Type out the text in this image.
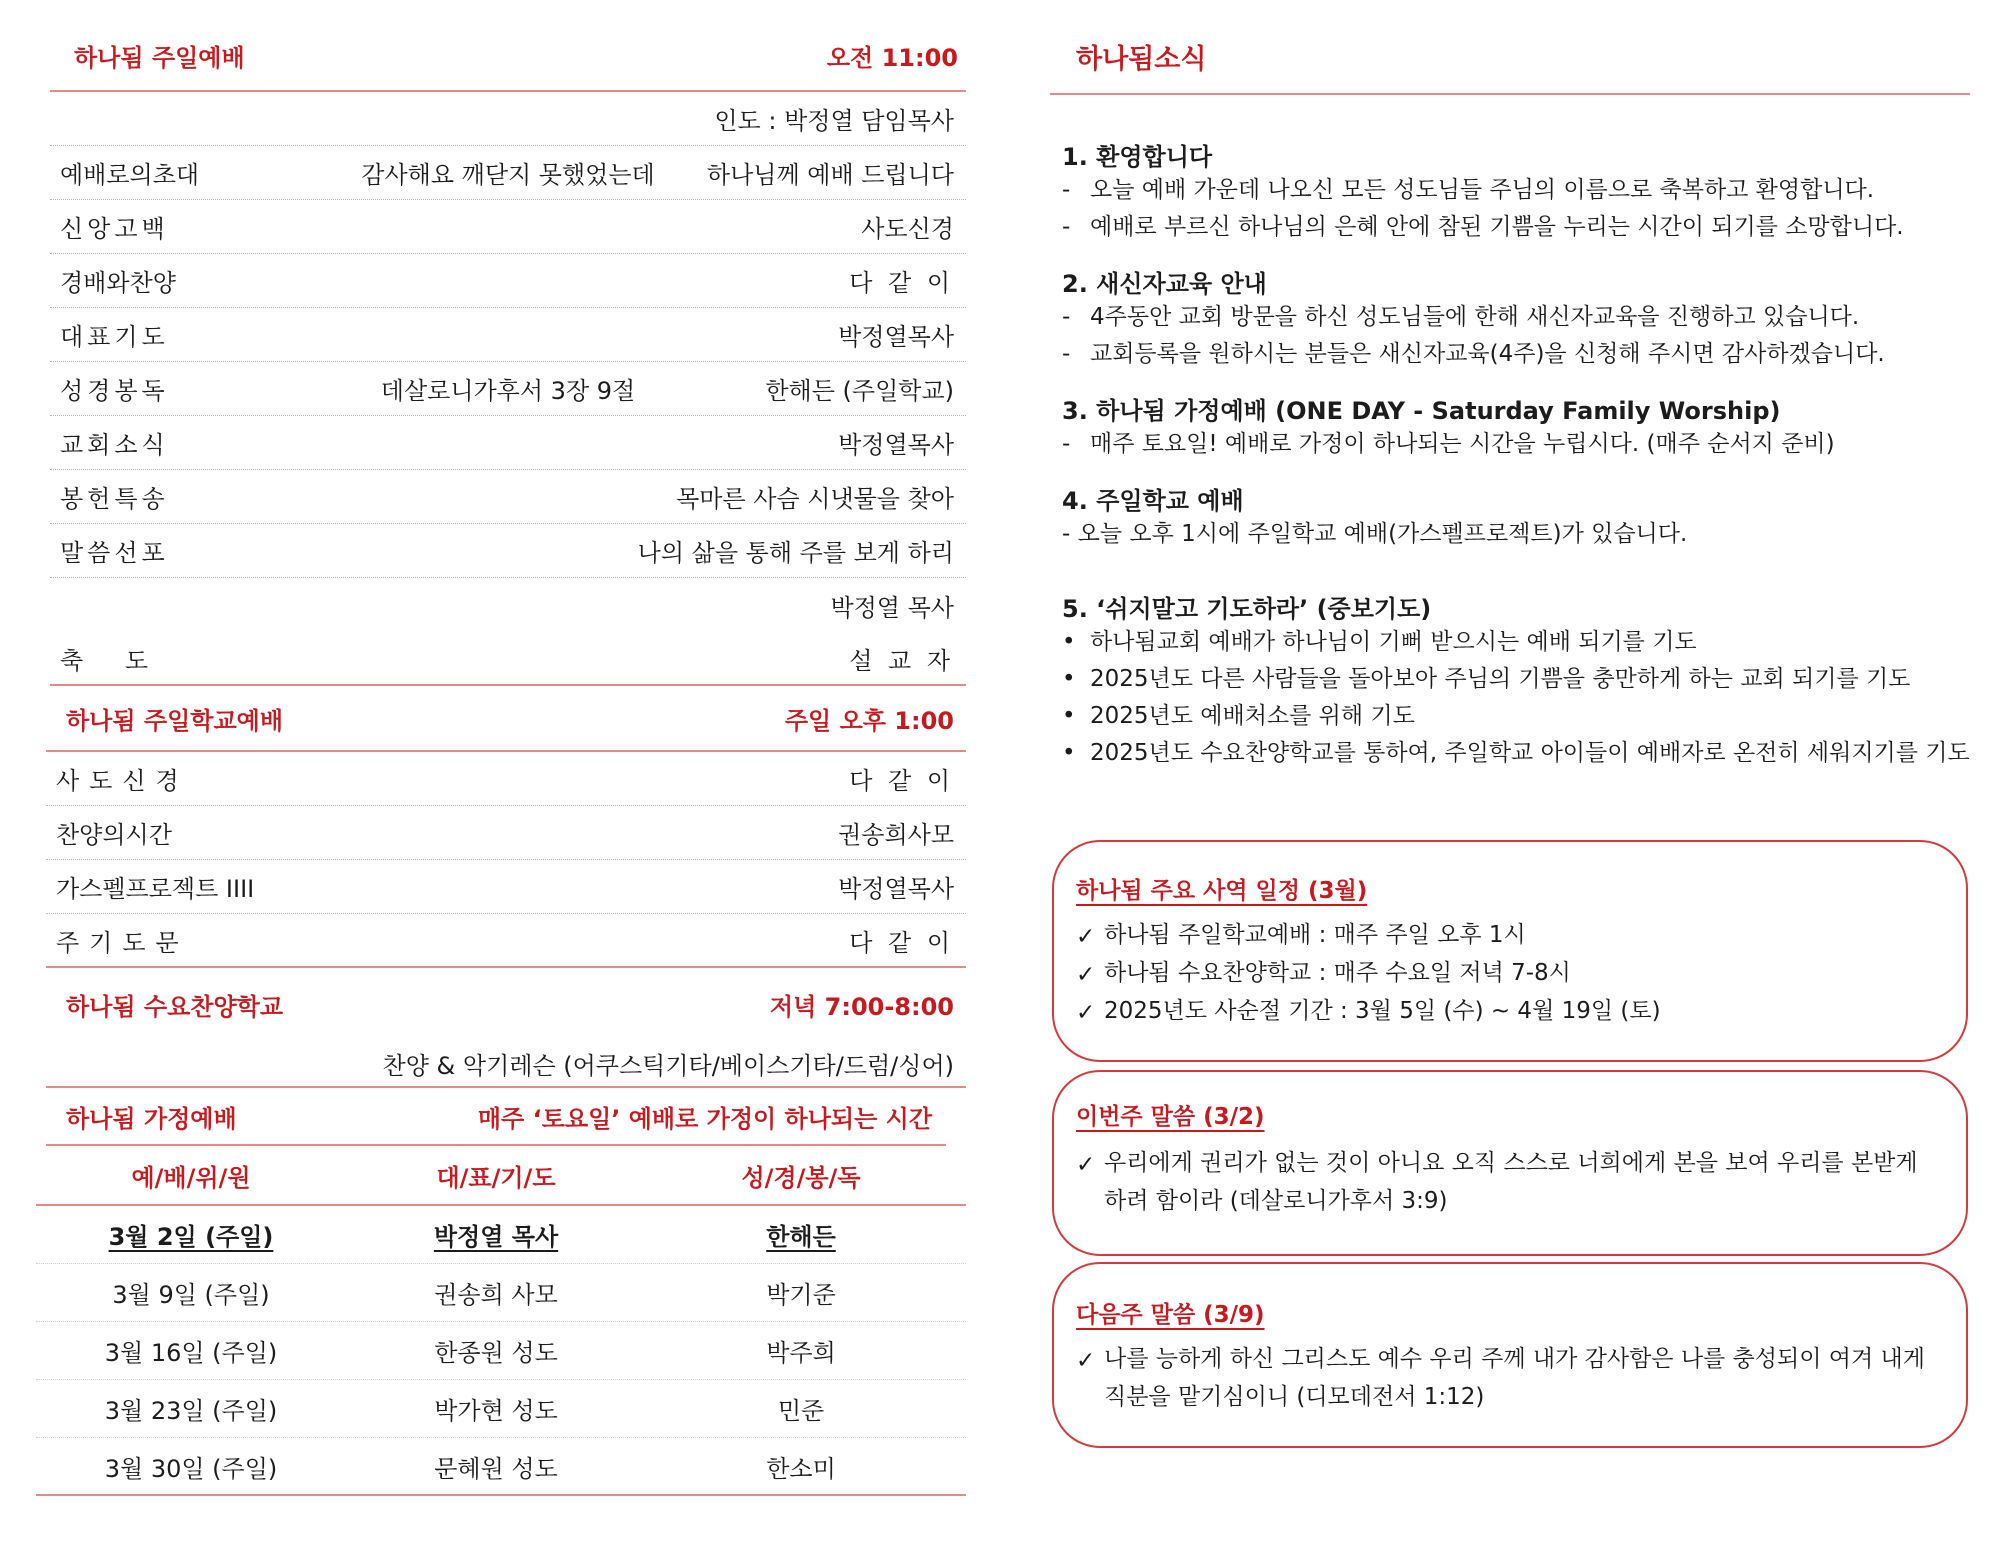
하나됨 주일예배	오전 11:00
인도 : 박정열 담임목사
예배로의초대	감사해요 깨닫지 못했었는데	하나님께 예배 드립니다
신앙고백	사도신경
경배와찬양	다 같 이
대표기도	박정열목사
성경봉독	데살로니가후서 3장 9절	한해든 (주일학교)
교회소식	박정열목사
봉헌특송	목마른 사슴 시냇물을 찾아
말씀선포	나의 삶을 통해 주를 보게 하리
박정열 목사
축 도	설 교 자
하나됨 주일학교예배	주일 오후 1:00
사도신경	다 같 이
찬양의시간	권송희사모
가스펠프로젝트 IIII	박정열목사
주기도문	다 같 이
하나됨 수요찬양학교	저녁 7:00-8:00
찬양 & 악기레슨 (어쿠스틱기타/베이스기타/드럼/싱어)
하나됨 가정예배	매주 ‘토요일’ 예배로 가정이 하나되는 시간
예/배/위/원	대/표/기/도	성/경/봉/독
3월 2일 (주일)	박정열 목사	한해든
3월 9일 (주일)	권송희 사모	박기준
3월 16일 (주일)	한종원 성도	박주희
3월 23일 (주일)	박가현 성도	민준
3월 30일 (주일)	문혜원 성도	한소미
하나됨소식
1. 환영합니다
- 오늘 예배 가운데 나오신 모든 성도님들 주님의 이름으로 축복하고 환영합니다.
- 예배로 부르신 하나님의 은혜 안에 참된 기쁨을 누리는 시간이 되기를 소망합니다.
2. 새신자교육 안내
- 4주동안 교회 방문을 하신 성도님들에 한해 새신자교육을 진행하고 있습니다.
- 교회등록을 원하시는 분들은 새신자교육(4주)을 신청해 주시면 감사하겠습니다.
3. 하나됨 가정예배 (ONE DAY - Saturday Family Worship)
- 매주 토요일! 예배로 가정이 하나되는 시간을 누립시다. (매주 순서지 준비)
4. 주일학교 예배
- 오늘 오후 1시에 주일학교 예배(가스펠프로젝트)가 있습니다.
5. ‘쉬지말고 기도하라’ (중보기도)
• 하나됨교회 예배가 하나님이 기뻐 받으시는 예배 되기를 기도
• 2025년도 다른 사람들을 돌아보아 주님의 기쁨을 충만하게 하는 교회 되기를 기도
• 2025년도 예배처소를 위해 기도
• 2025년도 수요찬양학교를 통하여, 주일학교 아이들이 예배자로 온전히 세워지기를 기도
하나됨 주요 사역 일정 (3월)
✓ 하나됨 주일학교예배 : 매주 주일 오후 1시
✓ 하나됨 수요찬양학교 : 매주 수요일 저녁 7-8시
✓ 2025년도 사순절 기간 : 3월 5일 (수) ~ 4월 19일 (토)
이번주 말씀 (3/2)
✓ 우리에게 권리가 없는 것이 아니요 오직 스스로 너희에게 본을 보여 우리를 본받게 하려 함이라 (데살로니가후서 3:9)
다음주 말씀 (3/9)
✓ 나를 능하게 하신 그리스도 예수 우리 주께 내가 감사함은 나를 충성되이 여겨 내게 직분을 맡기심이니 (디모데전서 1:12)
